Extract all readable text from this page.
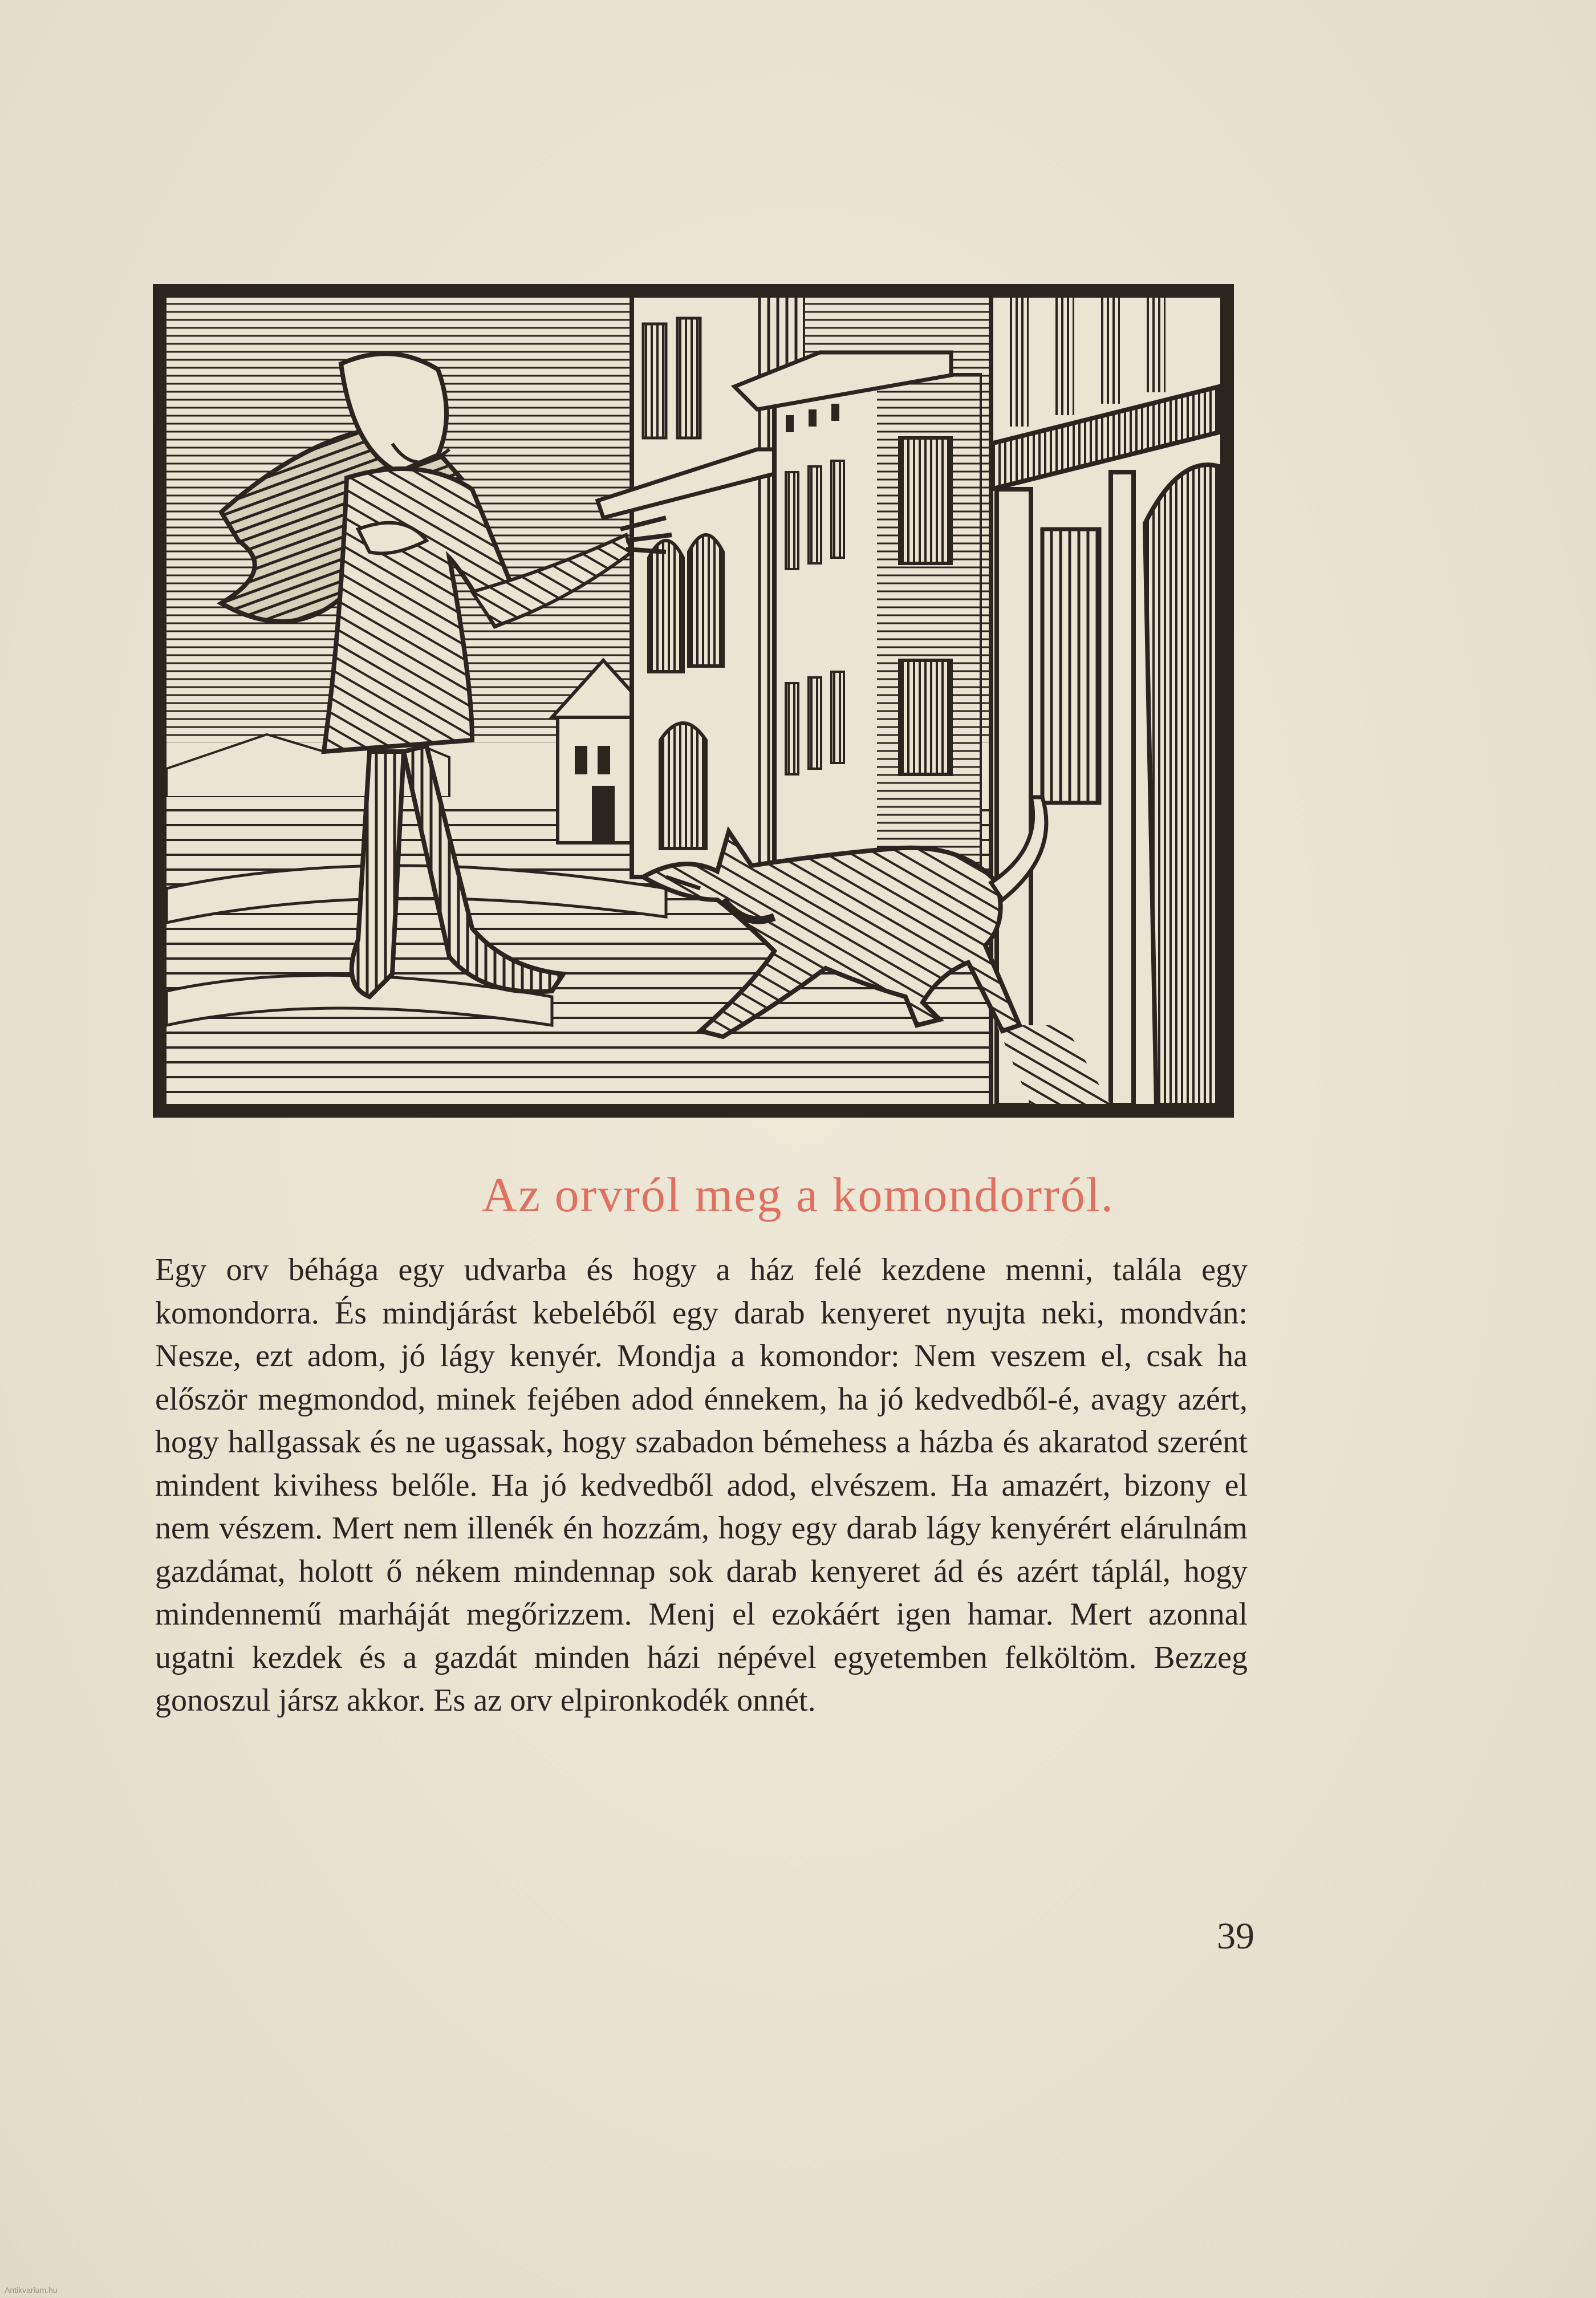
Az orvról meg a komondorról.

Egy orv béhága egy udvarba és hogy a ház felé kezdene menni, talála egy komondorra. És mindjárást kebeléből egy darab kenyeret nyujta neki, mondván: Nesze, ezt adom, jó lágy kenyér. Mondja a komondor: Nem veszem el, csak ha először megmondod, minek fejében adod énnekem, ha jó kedvedből-é, avagy azért, hogy hallgassak és ne ugassak, hogy szabadon bémehess a házba és akaratod szerént mindent kivihess belőle. Ha jó kedvedből adod, elvészem. Ha amazért, bizony el nem vészem. Mert nem illenék én hozzám, hogy egy darab lágy kenyérért elárulnám gazdámat, holott ő nékem mindennap sok darab kenyeret ád és azért táplál, hogy mindennemű marháját megőrizzem. Menj el ezokáért igen hamar. Mert azonnal ugatni kezdek és a gazdát minden házi népével egyetemben felköltöm. Bezzeg gonoszul jársz akkor. Es az orv elpironkodék onnét.

39
Antikvarium.hu
